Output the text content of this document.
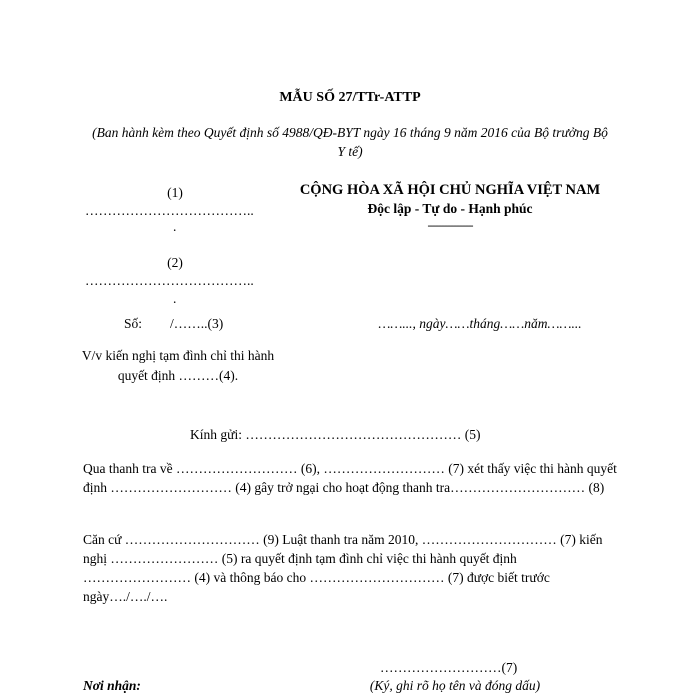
MẪU SỐ 27/TTr-ATTP
(Ban hành kèm theo Quyết định số 4988/QĐ-BYT ngày 16 tháng 9 năm 2016 của Bộ trưởng Bộ Y tế)
(1)
………………………………..
.
(2)
………………………………..
.
Số: /……..(3)
CỘNG HÒA XÃ HỘI CHỦ NGHĨA VIỆT NAM
Độc lập - Tự do - Hạnh phúc
---------------
……..., ngày……tháng……năm……...
V/v kiến nghị tạm đình chỉ thi hành quyết định ………(4).
Kính gửi: ………………………………………… (5)
Qua thanh tra về ……………………… (6), ……………………… (7) xét thấy việc thi hành quyết định ……………………… (4) gây trở ngại cho hoạt động thanh tra………………………… (8)
Căn cứ ………………………… (9) Luật thanh tra năm 2010, ………………………… (7) kiến nghị …………………… (5) ra quyết định tạm đình chỉ việc thi hành quyết định …………………… (4) và thông báo cho ………………………… (7) được biết trước ngày…./…./….
………………………(7)
Nơi nhận:	(Ký, ghi rõ họ tên và đóng dấu)
